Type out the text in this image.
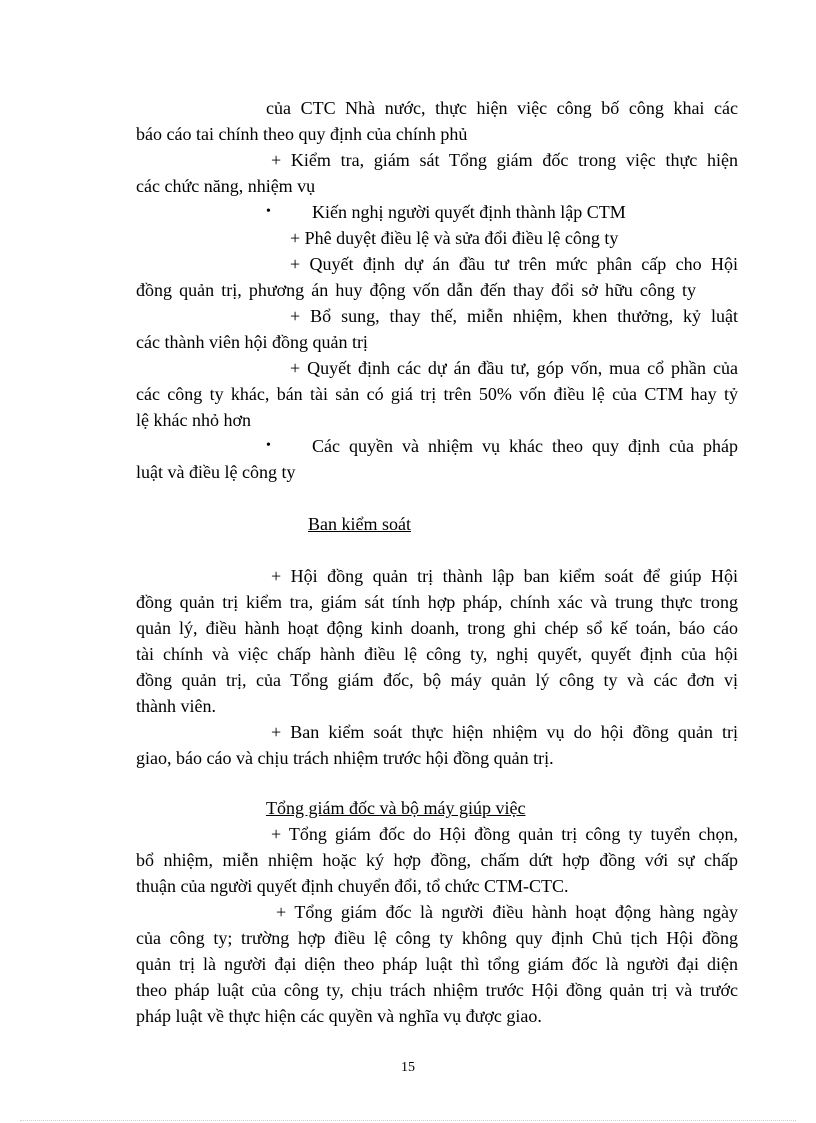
của CTC Nhà nước, thực hiện việc công bố công khai các
báo cáo tai chính theo quy định của chính phủ
+ Kiểm tra, giám sát Tổng giám đốc trong việc thực hiện
các chức năng, nhiệm vụ
• Kiến nghị người quyết định thành lập CTM
+ Phê duyệt điều lệ và sửa đổi điều lệ công ty
+ Quyết định dự án đầu tư trên mức phân cấp cho Hội
đồng quản trị, phương án huy động vốn dẫn đến thay đổi sở hữu công ty
+ Bổ sung, thay thế, miễn nhiệm, khen thưởng, kỷ luật
các thành viên hội đồng quản trị
+ Quyết định các dự án đầu tư, góp vốn, mua cổ phần của
các công ty khác, bán tài sản có giá trị trên 50% vốn điều lệ của CTM hay tỷ
lệ khác nhỏ hơn
• Các quyền và nhiệm vụ khác theo quy định của pháp
luật và điều lệ công ty
Ban kiểm soát
+ Hội đồng quản trị thành lập ban kiểm soát để giúp Hội
đồng quản trị kiểm tra, giám sát tính hợp pháp, chính xác và trung thực trong
quản lý, điều hành hoạt động kinh doanh, trong ghi chép sổ kế toán, báo cáo
tài chính và việc chấp hành điều lệ công ty, nghị quyết, quyết định của hội
đồng quản trị, của Tổng giám đốc, bộ máy quản lý công ty và các đơn vị
thành viên.
+ Ban kiểm soát thực hiện nhiệm vụ do hội đồng quản trị
giao, báo cáo và chịu trách nhiệm trước hội đồng quản trị.
Tổng giám đốc và bộ máy giúp việc
+ Tổng giám đốc do Hội đồng quản trị công ty tuyển chọn,
bổ nhiệm, miễn nhiệm hoặc ký hợp đồng, chấm dứt hợp đồng với sự chấp
thuận của người quyết định chuyển đổi, tổ chức CTM-CTC.
+ Tổng giám đốc là người điều hành hoạt động hàng ngày
của công ty; trường hợp điều lệ công ty không quy định Chủ tịch Hội đồng
quản trị là người đại diện theo pháp luật thì tổng giám đốc là người đại diện
theo pháp luật của công ty, chịu trách nhiệm trước Hội đồng quản trị và trước
pháp luật về thực hiện các quyền và nghĩa vụ được giao.
15
